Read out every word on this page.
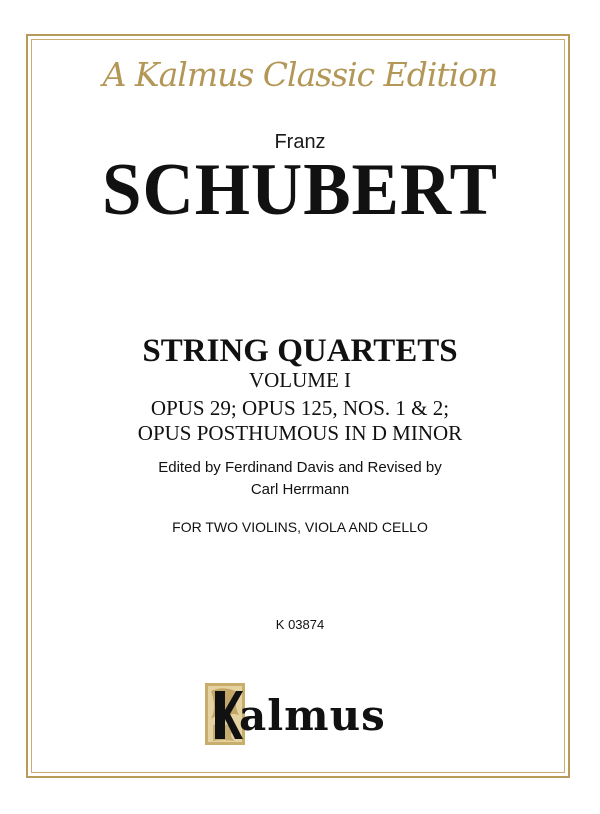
A Kalmus Classic Edition
Franz
SCHUBERT
STRING QUARTETS
VOLUME I
OPUS 29; OPUS 125, NOS. 1 & 2;
OPUS POSTHUMOUS IN D MINOR
Edited by Ferdinand Davis and Revised by
Carl Herrmann
FOR TWO VIOLINS, VIOLA AND CELLO
K 03874
almus
